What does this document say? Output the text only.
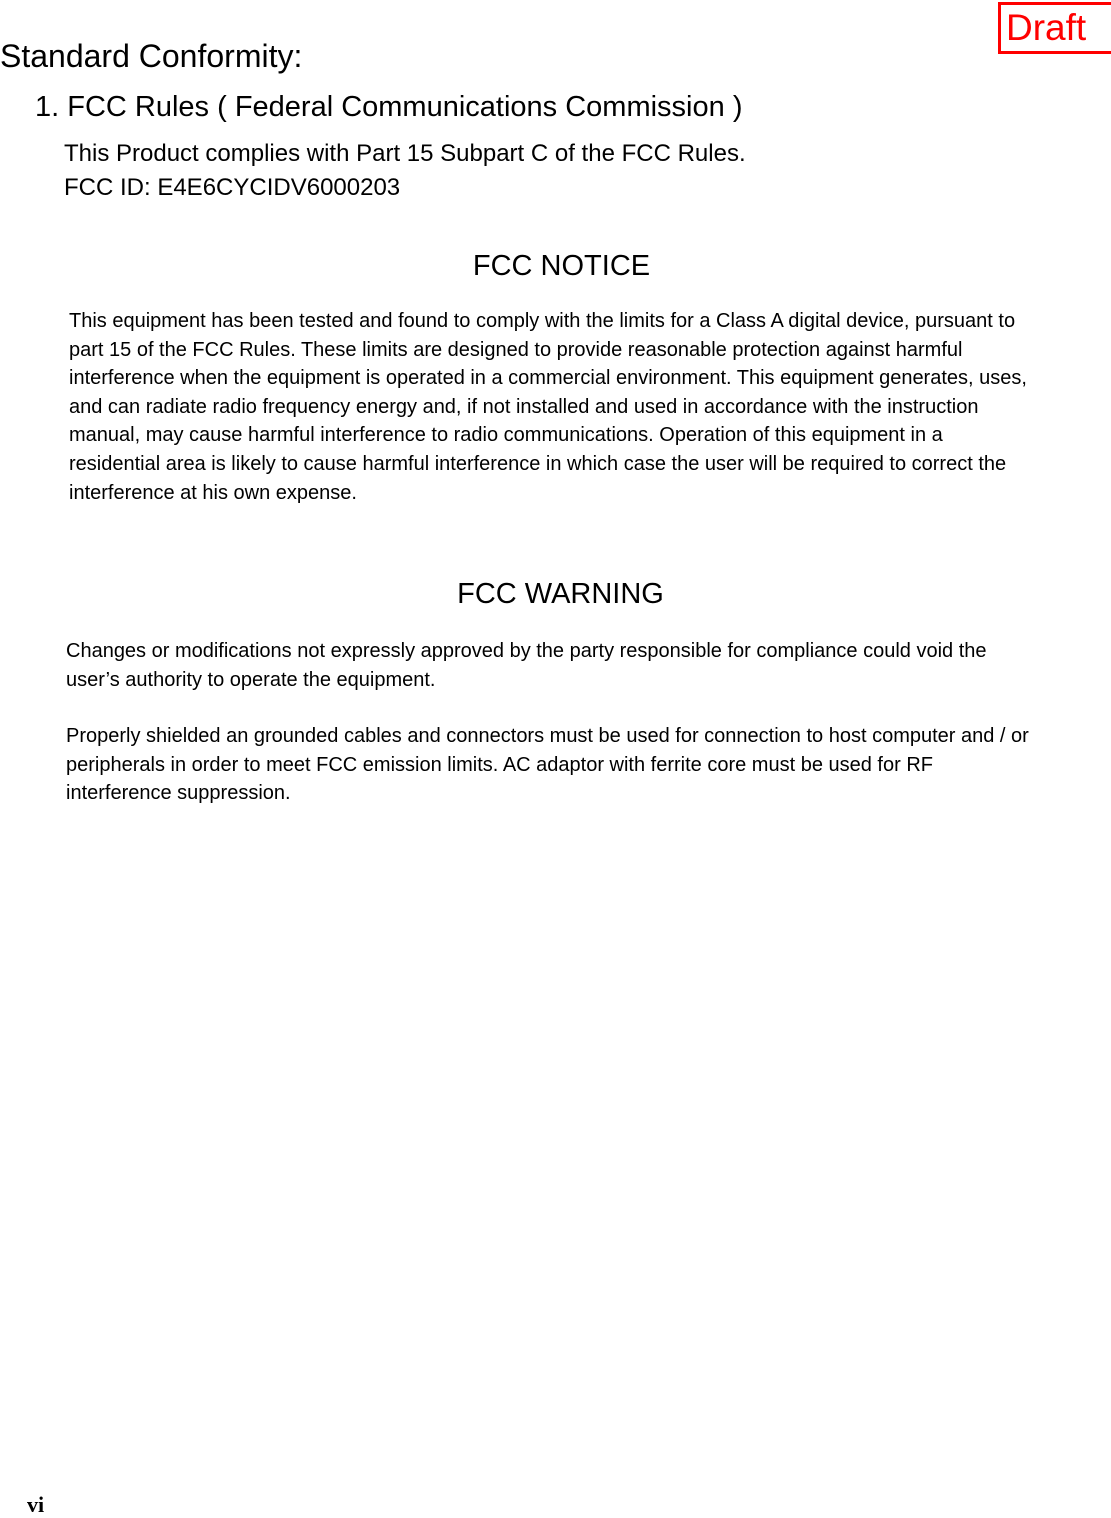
Draft
Standard Conformity:
1. FCC Rules ( Federal Communications Commission )
This Product complies with Part 15 Subpart C of the FCC Rules.
FCC ID: E4E6CYCIDV6000203
FCC NOTICE
This equipment has been tested and found to comply with the limits for a Class A digital device, pursuant to
part 15 of the FCC Rules. These limits are designed to provide reasonable protection against harmful
interference when the equipment is operated in a commercial environment. This equipment generates, uses,
and can radiate radio frequency energy and, if not installed and used in accordance with the instruction
manual, may cause harmful interference to radio communications. Operation of this equipment in a
residential area is likely to cause harmful interference in which case the user will be required to correct the
interference at his own expense.
FCC WARNING
Changes or modifications not expressly approved by the party responsible for compliance could void the
user’s authority to operate the equipment.
Properly shielded an grounded cables and connectors must be used for connection to host computer and / or
peripherals in order to meet FCC emission limits. AC adaptor with ferrite core must be used for RF
interference suppression.
vi
